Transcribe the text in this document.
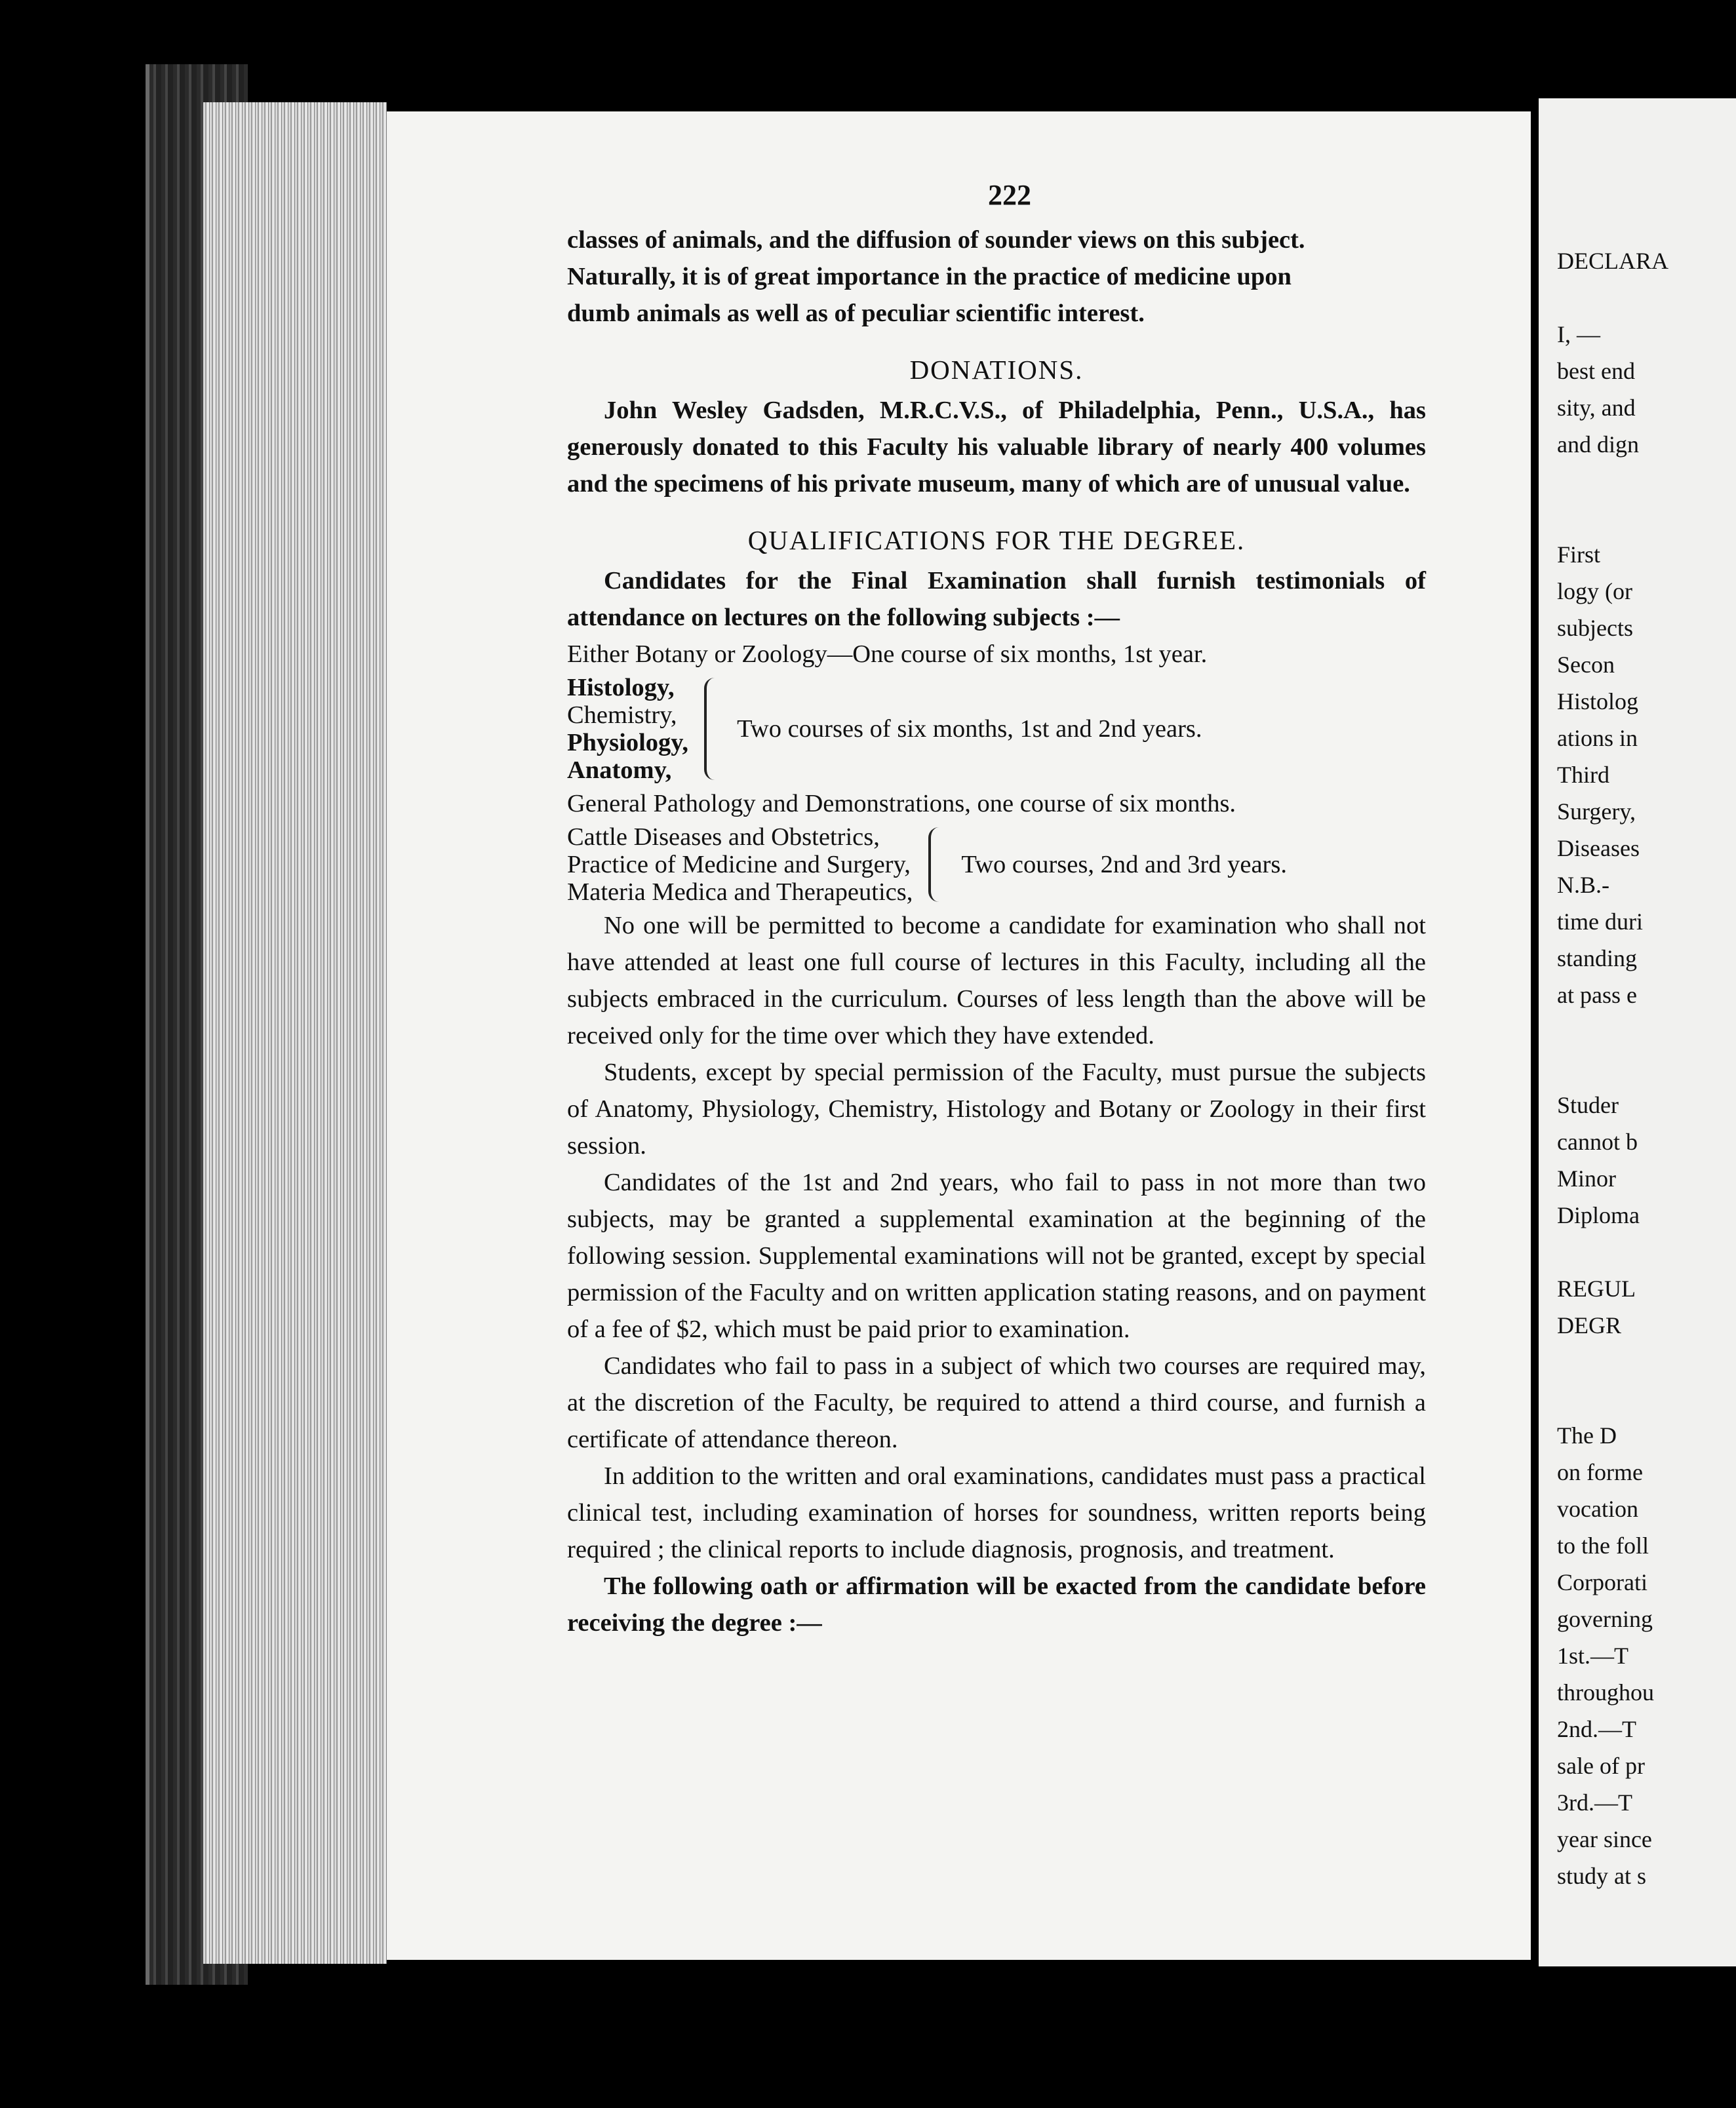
222
classes of animals, and the diffusion of sounder views on this subject.
Naturally, it is of great importance in the practice of medicine upon
dumb animals as well as of peculiar scientific interest.
DONATIONS.

John Wesley Gadsden, M.R.C.V.S., of Philadelphia, Penn., U.S.A., has generously donated to this Faculty his valuable library of nearly 400 volumes and the specimens of his private museum, many of which are of unusual value.

QUALIFICATIONS FOR THE DEGREE.

Candidates for the Final Examination shall furnish testimonials of attendance on lectures on the following subjects :—

Either Botany or Zoology—One course of six months, 1st year.
Histology,
Chemistry,
Physiology,
Anatomy,
Two courses of six months, 1st and 2nd years.
General Pathology and Demonstrations, one course of six months.
Cattle Diseases and Obstetrics,
Practice of Medicine and Surgery,
Materia Medica and Therapeutics,
Two courses, 2nd and 3rd years.

No one will be permitted to become a candidate for examination who shall not have attended at least one full course of lectures in this Faculty, including all the subjects embraced in the curriculum. Courses of less length than the above will be received only for the time over which they have extended.

Students, except by special permission of the Faculty, must pursue the subjects of Anatomy, Physiology, Chemistry, Histology and Botany or Zoology in their first session.

Candidates of the 1st and 2nd years, who fail to pass in not more than two subjects, may be granted a supplemental examination at the beginning of the following session. Supplemental examinations will not be granted, except by special permission of the Faculty and on written application stating reasons, and on payment of a fee of $2, which must be paid prior to examination.

Candidates who fail to pass in a subject of which two courses are required may, at the discretion of the Faculty, be required to attend a third course, and furnish a certificate of attendance thereon.

In addition to the written and oral examinations, candidates must pass a practical clinical test, including examination of horses for soundness, written reports being required ; the clinical reports to include diagnosis, prognosis, and treatment.

The following oath or affirmation will be exacted from the candidate before receiving the degree :—

DECLARA
I, —
best end
sity, and
and dign
First
logy (or
subjects
Secon
Histolog
ations in
Third
Surgery,
Diseases
N.B.-
time duri
standing
at pass e
Studer
cannot b
Minor
Diploma
REGUL
DEGR
The D
on forme
vocation
to the foll
Corporati
governing
1st.—T
throughou
2nd.—T
sale of pr
3rd.—T
year since
study at s
